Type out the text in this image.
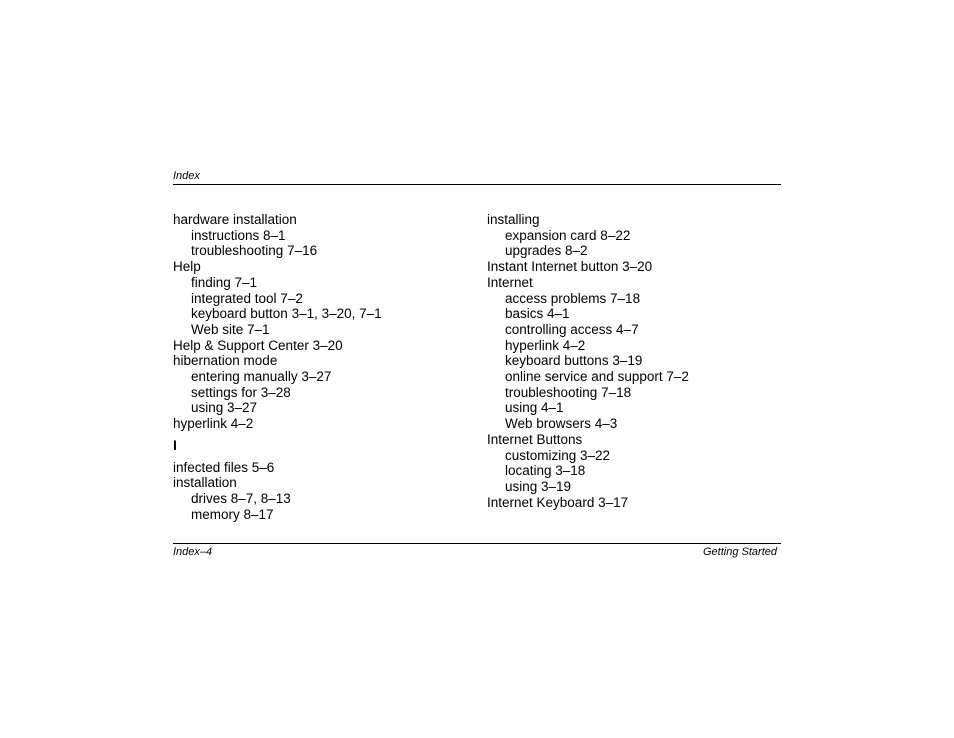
Index
hardware installation
instructions 8–1
troubleshooting 7–16
Help
finding 7–1
integrated tool 7–2
keyboard button 3–1, 3–20, 7–1
Web site 7–1
Help & Support Center 3–20
hibernation mode
entering manually 3–27
settings for 3–28
using 3–27
hyperlink 4–2
I
infected files 5–6
installation
drives 8–7, 8–13
memory 8–17
installing
expansion card 8–22
upgrades 8–2
Instant Internet button 3–20
Internet
access problems 7–18
basics 4–1
controlling access 4–7
hyperlink 4–2
keyboard buttons 3–19
online service and support 7–2
troubleshooting 7–18
using 4–1
Web browsers 4–3
Internet Buttons
customizing 3–22
locating 3–18
using 3–19
Internet Keyboard 3–17
Index–4	Getting Started
